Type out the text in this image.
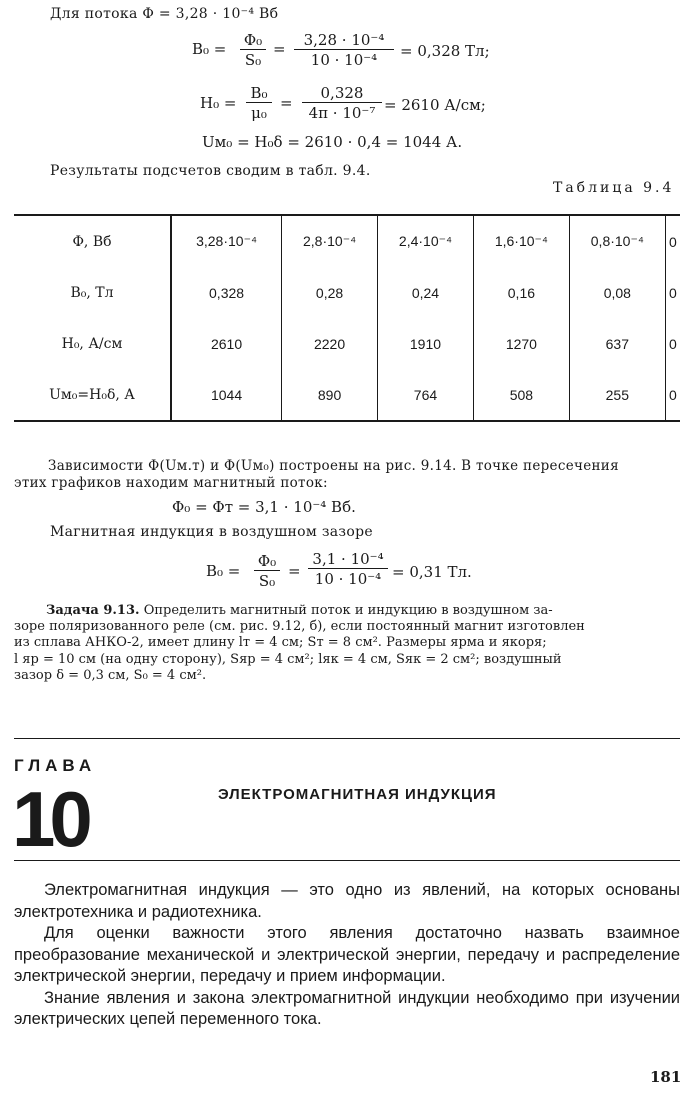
Для потока Φ = 3,28 · 10⁻⁴ Вб
$B_0 = \frac{\text{Φ₀}}{\text{S₀}} = \frac{\text{3,28 · 10⁻⁴}}{\text{10 · 10⁻⁴}} = 0,328$ Тл;
$H_0 = \frac{\text{B₀}}{\text{μ₀}} = \frac{0,328}{\text{4π · 10⁻⁷}} = 2610$ А/см;
Uм₀ = H₀δ = 2610 · 0,4 = 1044 А.
Результаты подсчетов сводим в табл. 9.4.
Таблица 9.4
Φ, Вб	3,28·10⁻⁴	2,8·10⁻⁴	2,4·10⁻⁴	1,6·10⁻⁴	0,8·10⁻⁴	0
B₀, Тл	0,328	0,28	0,24	0,16	0,08	0
H₀, А/см	2610	2220	1910	1270	637	0
Uм₀=H₀δ, А	1044	890	764	508	255	0
Зависимости Φ(Uм.т) и Φ(Uм₀) построены на рис. 9.14. В точке пересечения
этих графиков находим магнитный поток:
Φ₀ = Φт = 3,1 · 10⁻⁴ Вб.
Магнитная индукция в воздушном зазоре
$B_0 = \frac{\text{Φ₀}}{\text{S₀}} = \frac{\text{3,1 · 10⁻⁴}}{\text{10 · 10⁻⁴}} = 0,31$ Тл.
Задача 9.13. Определить магнитный поток и индукцию в воздушном за-
зоре поляризованного реле (см. рис. 9.12, б), если постоянный магнит изготовлен
из сплава АНКО-2, имеет длину lт = 4 см; Sт = 8 см². Размеры ярма и якоря;
l яр = 10 см (на одну сторону), Sяр = 4 см²; lяк = 4 см, Sяк = 2 см²; воздушный
зазор δ = 0,3 см, S₀ = 4 см².
ГЛАВА
10	ЭЛЕКТРОМАГНИТНАЯ ИНДУКЦИЯ

Электромагнитная индукция — это одно из явлений, на которых основаны электротехника и радиотехника.

Для оценки важности этого явления достаточно назвать взаимное преобразование механической и электрической энергии, передачу и распределение электрической энергии, передачу и прием информации.

Знание явления и закона электромагнитной индукции необходимо при изучении электрических цепей переменного тока.

181
